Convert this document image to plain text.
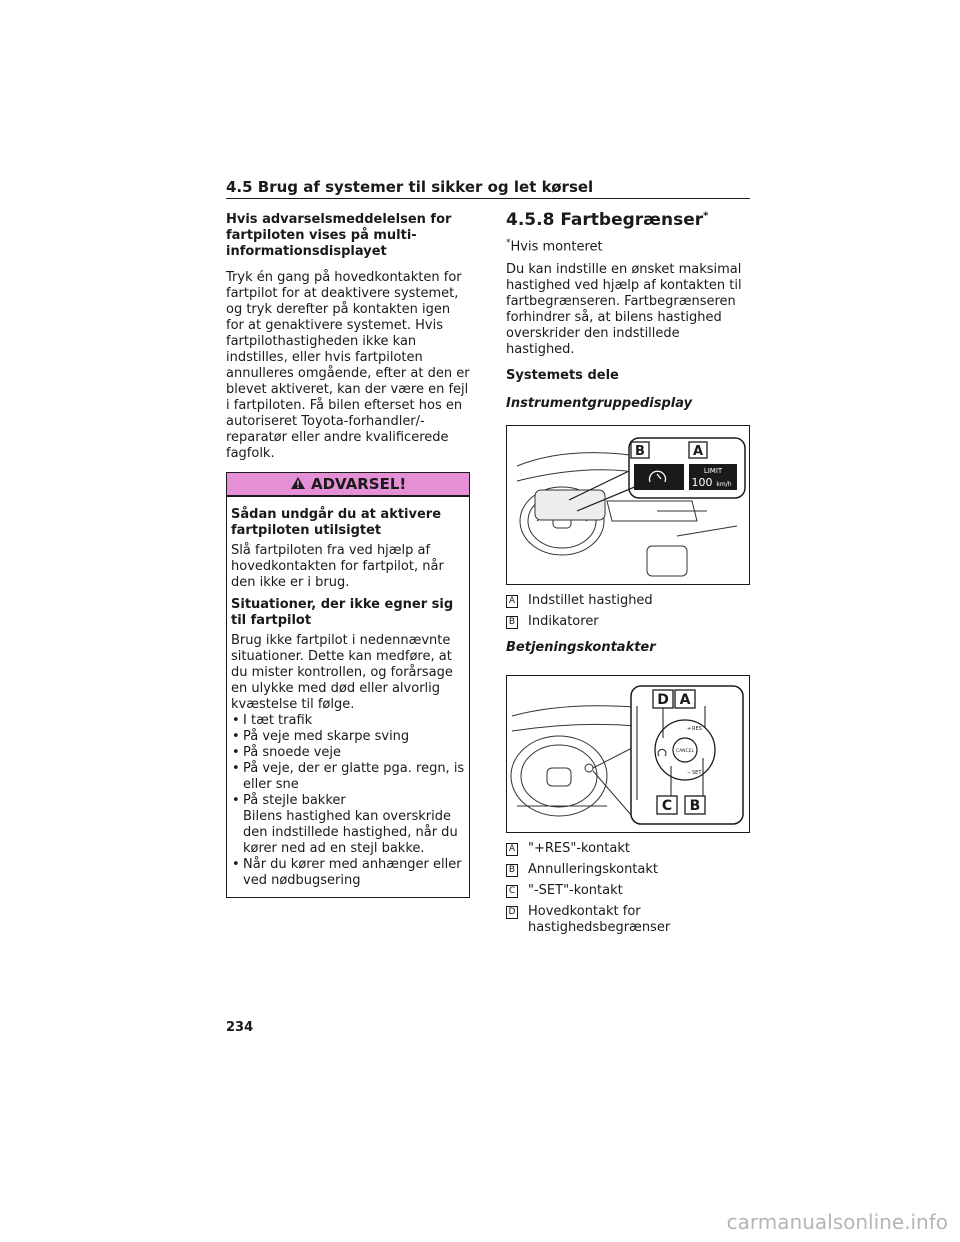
4.5 Brug af systemer til sikker og let kørsel
Hvis advarselsmeddelelsen for fartpiloten vises på multi-informationsdisplayet
Tryk én gang på hovedkontakten for fartpilot for at deaktivere systemet, og tryk derefter på kontakten igen for at genaktivere systemet. Hvis fartpilothastigheden ikke kan indstilles, eller hvis fartpiloten annulleres omgående, efter at den er blevet aktiveret, kan der være en fejl i fartpiloten. Få bilen efterset hos en autoriseret Toyota-forhandler/-reparatør eller andre kvalificerede fagfolk.
ADVARSEL!
Sådan undgår du at aktivere fartpiloten utilsigtet
Slå fartpiloten fra ved hjælp af hovedkontakten for fartpilot, når den ikke er i brug.
Situationer, der ikke egner sig til fartpilot
Brug ikke fartpilot i nedennævnte situationer. Dette kan medføre, at du mister kontrollen, og forårsage en ulykke med død eller alvorlig kvæstelse til følge.
• I tæt trafik
• På veje med skarpe sving
• På snoede veje
• På veje, der er glatte pga. regn, is eller sne
• På stejle bakker
Bilens hastighed kan overskride den indstillede hastighed, når du kører ned ad en stejl bakke.
• Når du kører med anhænger eller ved nødbugsering
4.5.8 Fartbegrænser*
*Hvis monteret
Du kan indstille en ønsket maksimal hastighed ved hjælp af kontakten til fartbegrænseren. Fartbegrænseren forhindrer så, at bilens hastighed overskrider den indstillede hastighed.
Systemets dele
Instrumentgruppedisplay
B	A
LIMIT
100 km/h
A Indstillet hastighed
B Indikatorer
Betjeningskontakter
D A
C B
+ RES
CANCEL
− SET
A "+RES"-kontakt
B Annulleringskontakt
C "-SET"-kontakt
D Hovedkontakt for hastighedsbegrænser
234
carmanualsonline.info
